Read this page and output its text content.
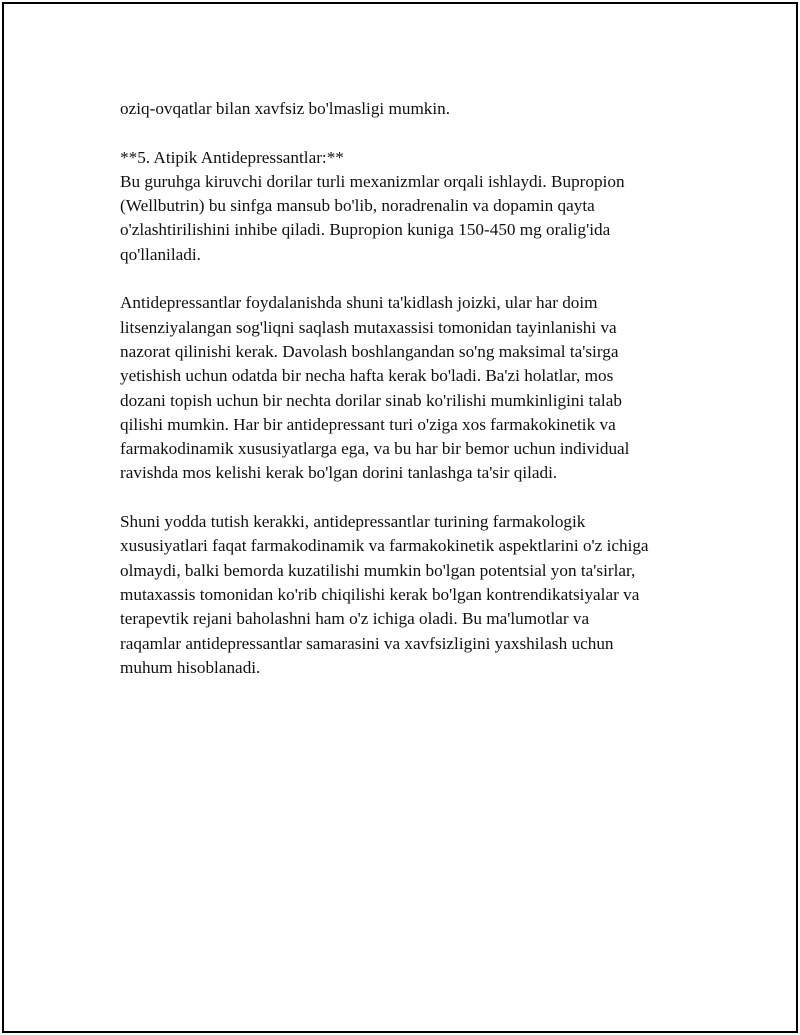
oziq-ovqatlar bilan xavfsiz bo'lmasligi mumkin.
**5. Atipik Antidepressantlar:**
Bu guruhga kiruvchi dorilar turli mexanizmlar orqali ishlaydi. Bupropion
(Wellbutrin) bu sinfga mansub bo'lib, noradrenalin va dopamin qayta
o'zlashtirilishini inhibe qiladi. Bupropion kuniga 150-450 mg oralig'ida
qo'llaniladi.
Antidepressantlar foydalanishda shuni ta'kidlash joizki, ular har doim
litsenziyalangan sog'liqni saqlash mutaxassisi tomonidan tayinlanishi va
nazorat qilinishi kerak. Davolash boshlangandan so'ng maksimal ta'sirga
yetishish uchun odatda bir necha hafta kerak bo'ladi. Ba'zi holatlar, mos
dozani topish uchun bir nechta dorilar sinab ko'rilishi mumkinligini talab
qilishi mumkin. Har bir antidepressant turi o'ziga xos farmakokinetik va
farmakodinamik xususiyatlarga ega, va bu har bir bemor uchun individual
ravishda mos kelishi kerak bo'lgan dorini tanlashga ta'sir qiladi.
Shuni yodda tutish kerakki, antidepressantlar turining farmakologik
xususiyatlari faqat farmakodinamik va farmakokinetik aspektlarini o'z ichiga
olmaydi, balki bemorda kuzatilishi mumkin bo'lgan potentsial yon ta'sirlar,
mutaxassis tomonidan ko'rib chiqilishi kerak bo'lgan kontrendikatsiyalar va
terapevtik rejani baholashni ham o'z ichiga oladi. Bu ma'lumotlar va
raqamlar antidepressantlar samarasini va xavfsizligini yaxshilash uchun
muhum hisoblanadi.
